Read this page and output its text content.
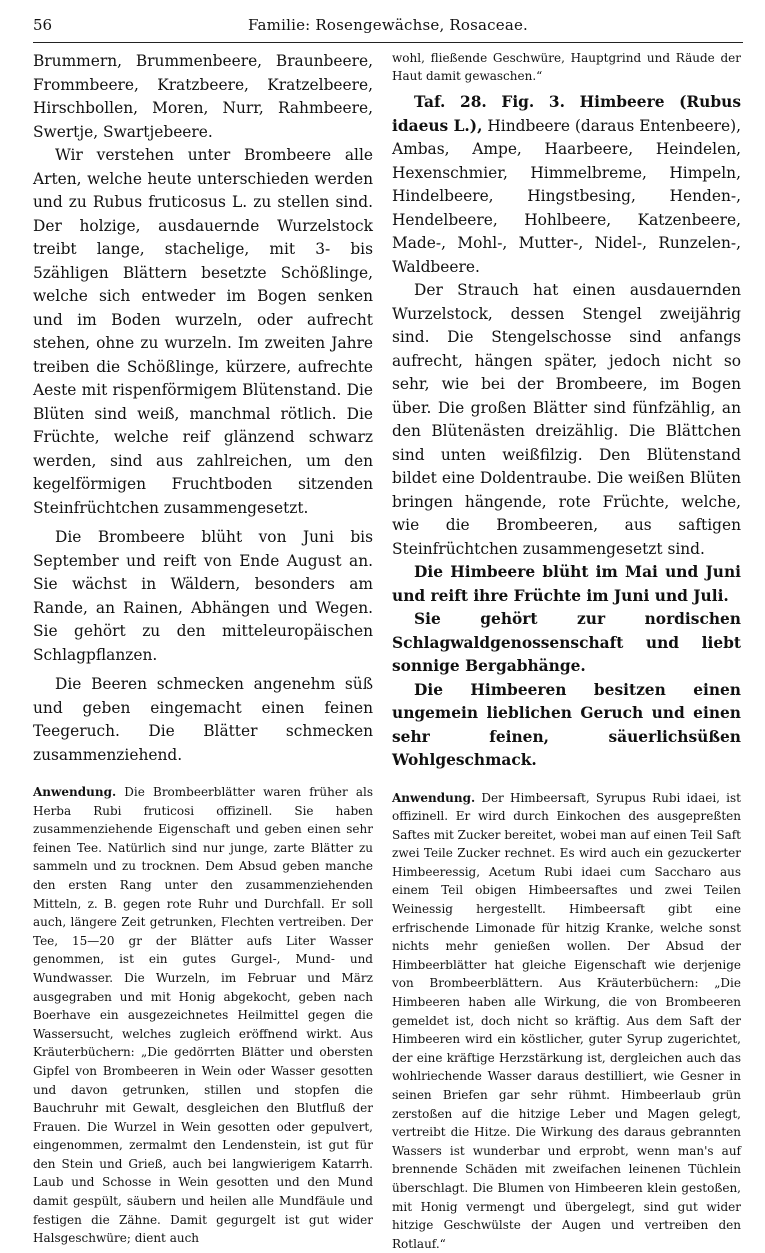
56	Familie: Rosengewächse, Rosaceae.

Brummern, Brummenbeere, Braunbeere, Frommbeere, Kratzbeere, Kratzelbeere, Hirschbollen, Moren, Nurr, Rahmbeere, Swertje, Swartjebeere.

Wir verstehen unter Brombeere alle Arten, welche heute unterschieden werden und zu Rubus fruticosus L. zu stellen sind. Der holzige, ausdauernde Wurzelstock treibt lange, stachelige, mit 3- bis 5zähligen Blättern besetzte Schößlinge, welche sich entweder im Bogen senken und im Boden wurzeln, oder aufrecht stehen, ohne zu wurzeln. Im zweiten Jahre treiben die Schößlinge, kürzere, aufrechte Aeste mit rispenförmigem Blütenstand. Die Blüten sind weiß, manchmal rötlich. Die Früchte, welche reif glänzend schwarz werden, sind aus zahlreichen, um den kegelförmigen Fruchtboden sitzenden Steinfrüchtchen zusammengesetzt.

Die Brombeere blüht von Juni bis September und reift von Ende August an. Sie wächst in Wäldern, besonders am Rande, an Rainen, Abhängen und Wegen. Sie gehört zu den mitteleuropäischen Schlagpflanzen.

Die Beeren schmecken angenehm süß und geben eingemacht einen feinen Teegeruch. Die Blätter schmecken zusammenziehend.

Anwendung. Die Brombeerblätter waren früher als Herba Rubi fruticosi offizinell. Sie haben zusammenziehende Eigenschaft und geben einen sehr feinen Tee. Natürlich sind nur junge, zarte Blätter zu sammeln und zu trocknen. Dem Absud geben manche den ersten Rang unter den zusammenziehenden Mitteln, z. B. gegen rote Ruhr und Durchfall. Er soll auch, längere Zeit getrunken, Flechten vertreiben. Der Tee, 15—20 gr der Blätter aufs Liter Wasser genommen, ist ein gutes Gurgel-, Mund- und Wundwasser. Die Wurzeln, im Februar und März ausgegraben und mit Honig abgekocht, geben nach Boerhave ein ausgezeichnetes Heilmittel gegen die Wassersucht, welches zugleich eröffnend wirkt. Aus Kräuterbüchern: „Die gedörrten Blätter und obersten Gipfel von Brombeeren in Wein oder Wasser gesotten und davon getrunken, stillen und stopfen die Bauchruhr mit Gewalt, desgleichen den Blutfluß der Frauen. Die Wurzel in Wein gesotten oder gepulvert, eingenommen, zermalmt den Lendenstein, ist gut für den Stein und Grieß, auch bei langwierigem Katarrh. Laub und Schosse in Wein gesotten und den Mund damit gespült, säubern und heilen alle Mundfäule und festigen die Zähne. Damit gegurgelt ist gut wider Halsgeschwüre; dient auch

wohl, fließende Geschwüre, Hauptgrind und Räude der Haut damit gewaschen.“

Taf. 28. Fig. 3. Himbeere (Rubus idaeus L.), Hindbeere (daraus Entenbeere), Ambas, Ampe, Haarbeere, Heindelen, Hexenschmier, Himmelbreme, Himpeln, Hindelbeere, Hingstbesing, Henden-, Hendelbeere, Hohlbeere, Katzenbeere, Made-, Mohl-, Mutter-, Nidel-, Runzelen-, Waldbeere.

Der Strauch hat einen ausdauernden Wurzelstock, dessen Stengel zweijährig sind. Die Stengelschosse sind anfangs aufrecht, hängen später, jedoch nicht so sehr, wie bei der Brombeere, im Bogen über. Die großen Blätter sind fünfzählig, an den Blütenästen dreizählig. Die Blättchen sind unten weißfilzig. Den Blütenstand bildet eine Doldentraube. Die weißen Blüten bringen hängende, rote Früchte, welche, wie die Brombeeren, aus saftigen Steinfrüchtchen zusammengesetzt sind.

Die Himbeere blüht im Mai und Juni und reift ihre Früchte im Juni und Juli.

Sie gehört zur nordischen Schlagwaldgenossenschaft und liebt sonnige Bergabhänge.

Die Himbeeren besitzen einen ungemein lieblichen Geruch und einen sehr feinen, säuerlichsüßen Wohlgeschmack.

Anwendung. Der Himbeersaft, Syrupus Rubi idaei, ist offizinell. Er wird durch Einkochen des ausgepreßten Saftes mit Zucker bereitet, wobei man auf einen Teil Saft zwei Teile Zucker rechnet. Es wird auch ein gezuckerter Himbeeressig, Acetum Rubi idaei cum Saccharo aus einem Teil obigen Himbeersaftes und zwei Teilen Weinessig hergestellt. Himbeersaft gibt eine erfrischende Limonade für hitzig Kranke, welche sonst nichts mehr genießen wollen. Der Absud der Himbeerblätter hat gleiche Eigenschaft wie derjenige von Brombeerblättern. Aus Kräuterbüchern: „Die Himbeeren haben alle Wirkung, die von Brombeeren gemeldet ist, doch nicht so kräftig. Aus dem Saft der Himbeeren wird ein köstlicher, guter Syrup zugerichtet, der eine kräftige Herzstärkung ist, dergleichen auch das wohlriechende Wasser daraus destilliert, wie Gesner in seinen Briefen gar sehr rühmt. Himbeerlaub grün zerstoßen auf die hitzige Leber und Magen gelegt, vertreibt die Hitze. Die Wirkung des daraus gebrannten Wassers ist wunderbar und erprobt, wenn man's auf brennende Schäden mit zweifachen leinenen Tüchlein überschlagt. Die Blumen von Himbeeren klein gestoßen, mit Honig vermengt und übergelegt, sind gut wider hitzige Geschwülste der Augen und vertreiben den Rotlauf.“
